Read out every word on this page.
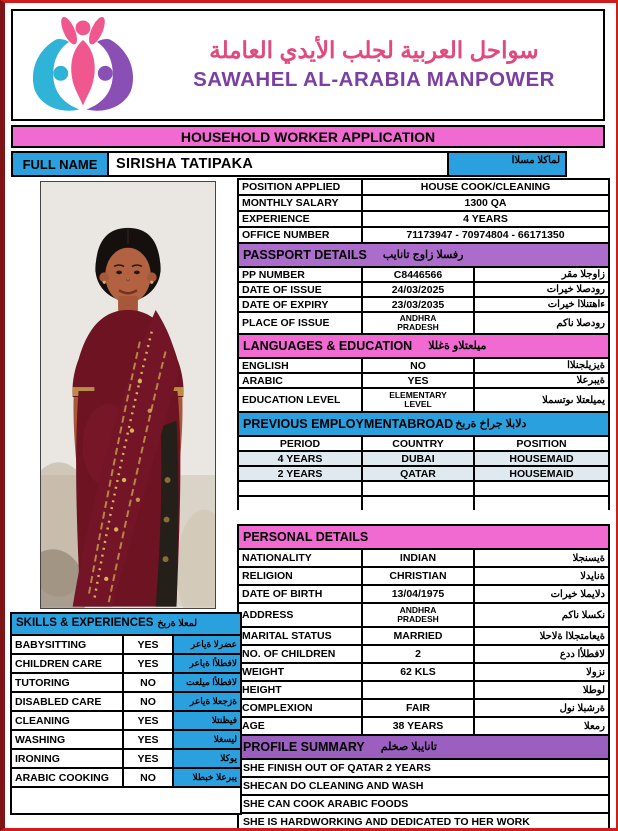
سواحل العربية لجلب الأيدي العاملة
SAWAHEL AL-ARABIA MANPOWER
HOUSEHOLD WORKER APPLICATION
FULL NAME	SIRISHA TATIPAKA	لماكلا مسلاا
POSITION APPLIED	HOUSE COOK/CLEANING
MONTHLY SALARY	1300 QA
EXPERIENCE	4 YEARS
OFFICE NUMBER	71173947 - 70974804 - 66171350
PASSPORT DETAILS رفسلا زاوج تانايب
PP NUMBER	C8446566	زاوجلا مقر
DATE OF ISSUE	24/03/2025	رودصلا خيرات
DATE OF EXPIRY	23/03/2035	ءاهتنلاا خيرات
PLACE OF ISSUE	ANDHRA PRADESH	رودصلا ناكم
LANGUAGES & EDUCATION ميلعتلاو ةغللا
ENGLISH	NO	ةيزيلجنلاا
ARABIC	YES	ةيبرعلا
EDUCATION LEVEL	ELEMENTARY LEVEL	يميلعتلا ىوتسملا
PREVIOUS EMPLOYMENTABROAD دلابلا جراخ ةربخ
PERIOD	COUNTRY	POSITION
4 YEARS	DUBAI	HOUSEMAID
2 YEARS	QATAR	HOUSEMAID

PERSONAL DETAILS
NATIONALITY	INDIAN	ةيسنجلا
RELIGION	CHRISTIAN	ةنايدلا
DATE OF BIRTH	13/04/1975	دلايملا خيرات
ADDRESS	ANDHRA PRADESH	نكسلا ناكم
MARITAL STATUS	MARRIED	ةيعامتجلاا ةلاحلا
NO. OF CHILDREN	2	لافطلأا ددع
WEIGHT	62 KLS	نزولا
HEIGHT		لوطلا
COMPLEXION	FAIR	ةرشبلا نول
AGE	38 YEARS	رمعلا
PROFILE SUMMARY تانايبلا صخلم
SHE FINISH OUT OF QATAR 2 YEARS
SHECAN DO CLEANING AND WASH
SHE CAN COOK ARABIC FOODS
SHE IS HARDWORKING AND DEDICATED TO HER WORK
SKILLS & EXPERIENCES لمعلا ةربخ
BABYSITTING	YES	عضرلا ةياعر
CHILDREN CARE	YES	لافطلأا ةياعر
TUTORING	NO	لافطلأا ميلعت
DISABLED CARE	NO	ةزجعلا ةياعر
CLEANING	YES	فيظنتلا
WASHING	YES	ليسغلا
IRONING	YES	يوكلا
ARABIC COOKING	NO	يبرعلا خبطلا
